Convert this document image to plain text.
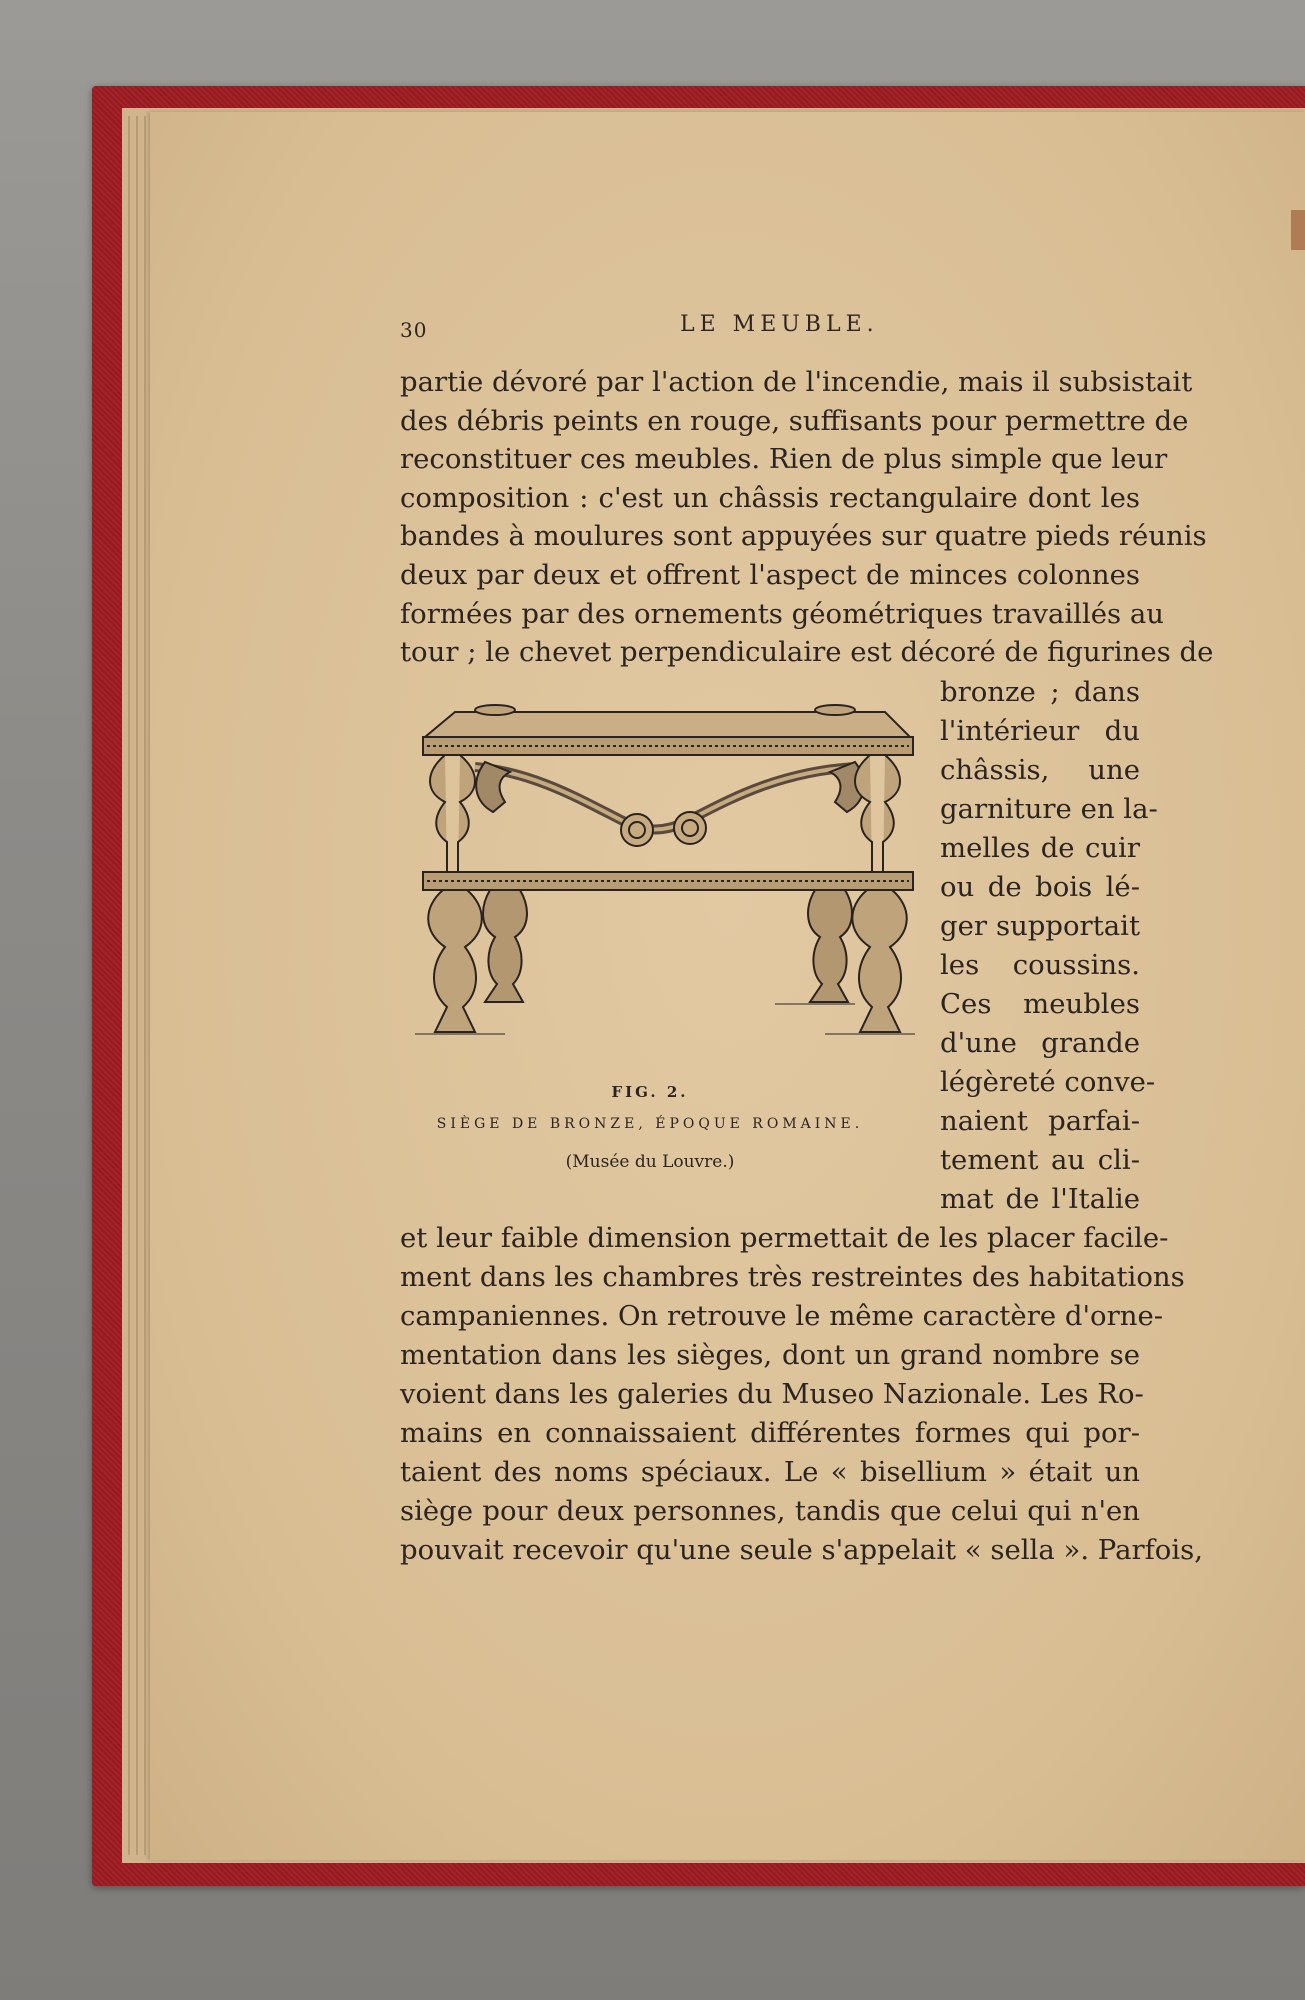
30	LE MEUBLE.
partie dévoré par l'action de l'incendie, mais il subsistait
des débris peints en rouge, suffisants pour permettre de
reconstituer ces meubles. Rien de plus simple que leur
composition : c'est un châssis rectangulaire dont les
bandes à moulures sont appuyées sur quatre pieds réunis
deux par deux et offrent l'aspect de minces colonnes
formées par des ornements géométriques travaillés au
tour ; le chevet perpendiculaire est décoré de figurines de
bronze ; dans
l'intérieur du
châssis, une
garniture en la-
melles de cuir
ou de bois lé-
ger supportait
les coussins.
Ces meubles
d'une grande
légèreté conve-
naient parfai-
tement au cli-
mat de l'Italie
et leur faible dimension permettait de les placer facile-
ment dans les chambres très restreintes des habitations
campaniennes. On retrouve le même caractère d'orne-
mentation dans les sièges, dont un grand nombre se
voient dans les galeries du Museo Nazionale. Les Ro-
mains en connaissaient différentes formes qui por-
taient des noms spéciaux. Le « bisellium » était un
siège pour deux personnes, tandis que celui qui n'en
pouvait recevoir qu'une seule s'appelait « sella ». Parfois,
FIG. 2.
SIÈGE DE BRONZE, ÉPOQUE ROMAINE.
(Musée du Louvre.)
